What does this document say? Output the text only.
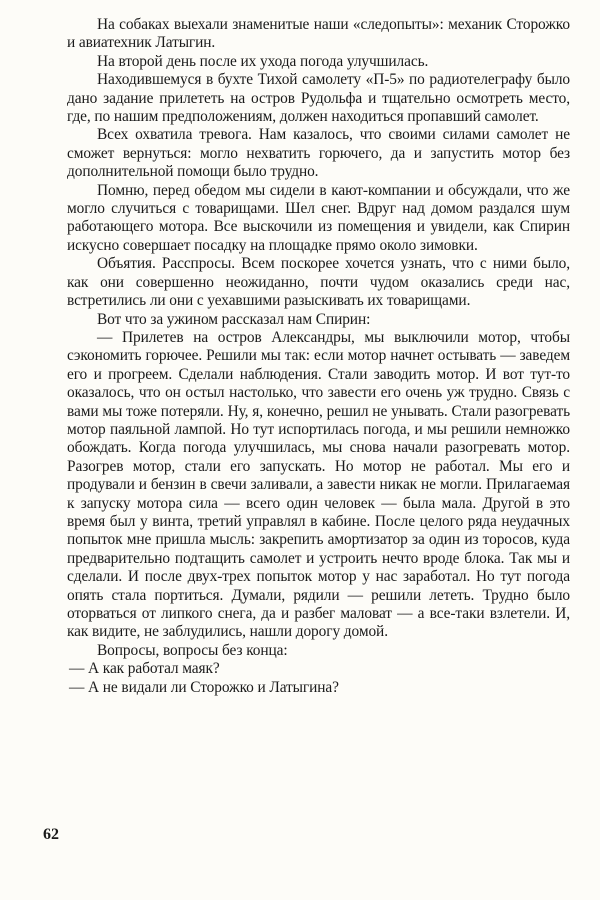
На собаках выехали знаменитые наши «следопыты»: механик Сторожко и авиатехник Латыгин.

На второй день после их ухода погода улучшилась.

Находившемуся в бухте Тихой самолету «П-5» по радиотелеграфу было дано задание прилететь на остров Рудольфа и тщательно осмотреть место, где, по нашим предположениям, должен находиться пропавший самолет.

Всех охватила тревога. Нам казалось, что своими силами самолет не сможет вернуться: могло нехватить горючего, да и запустить мотор без дополнительной помощи было трудно.

Помню, перед обедом мы сидели в кают-компании и обсуждали, что же могло случиться с товарищами. Шел снег. Вдруг над домом раздался шум работающего мотора. Все выскочили из помещения и увидели, как Спирин искусно совершает посадку на площадке прямо около зимовки.

Объятия. Расспросы. Всем поскорее хочется узнать, что с ними было, как они совершенно неожиданно, почти чудом оказались среди нас, встретились ли они с уехавшими разыскивать их товарищами.

Вот что за ужином рассказал нам Спирин:

— Прилетев на остров Александры, мы выключили мотор, чтобы сэкономить горючее. Решили мы так: если мотор начнет остывать — заведем его и прогреем. Сделали наблюдения. Стали заводить мотор. И вот тут-то оказалось, что он остыл настолько, что завести его очень уж трудно. Связь с вами мы тоже потеряли. Ну, я, конечно, решил не унывать. Стали разогревать мотор паяльной лампой. Но тут испортилась погода, и мы решили немножко обождать. Когда погода улучшилась, мы снова начали разогревать мотор. Разогрев мотор, стали его запускать. Но мотор не работал. Мы его и продували и бензин в свечи заливали, а завести никак не могли. Прилагаемая к запуску мотора сила — всего один человек — была мала. Другой в это время был у винта, третий управлял в кабине. После целого ряда неудачных попыток мне пришла мысль: закрепить амортизатор за один из торосов, куда предварительно подтащить самолет и устроить нечто вроде блока. Так мы и сделали. И после двух-трех попыток мотор у нас заработал. Но тут погода опять стала портиться. Думали, рядили — решили лететь. Трудно было оторваться от липкого снега, да и разбег маловат — а все-таки взлетели. И, как видите, не заблудились, нашли дорогу домой.

Вопросы, вопросы без конца:

— А как работал маяк?

— А не видали ли Сторожко и Латыгина?

62
